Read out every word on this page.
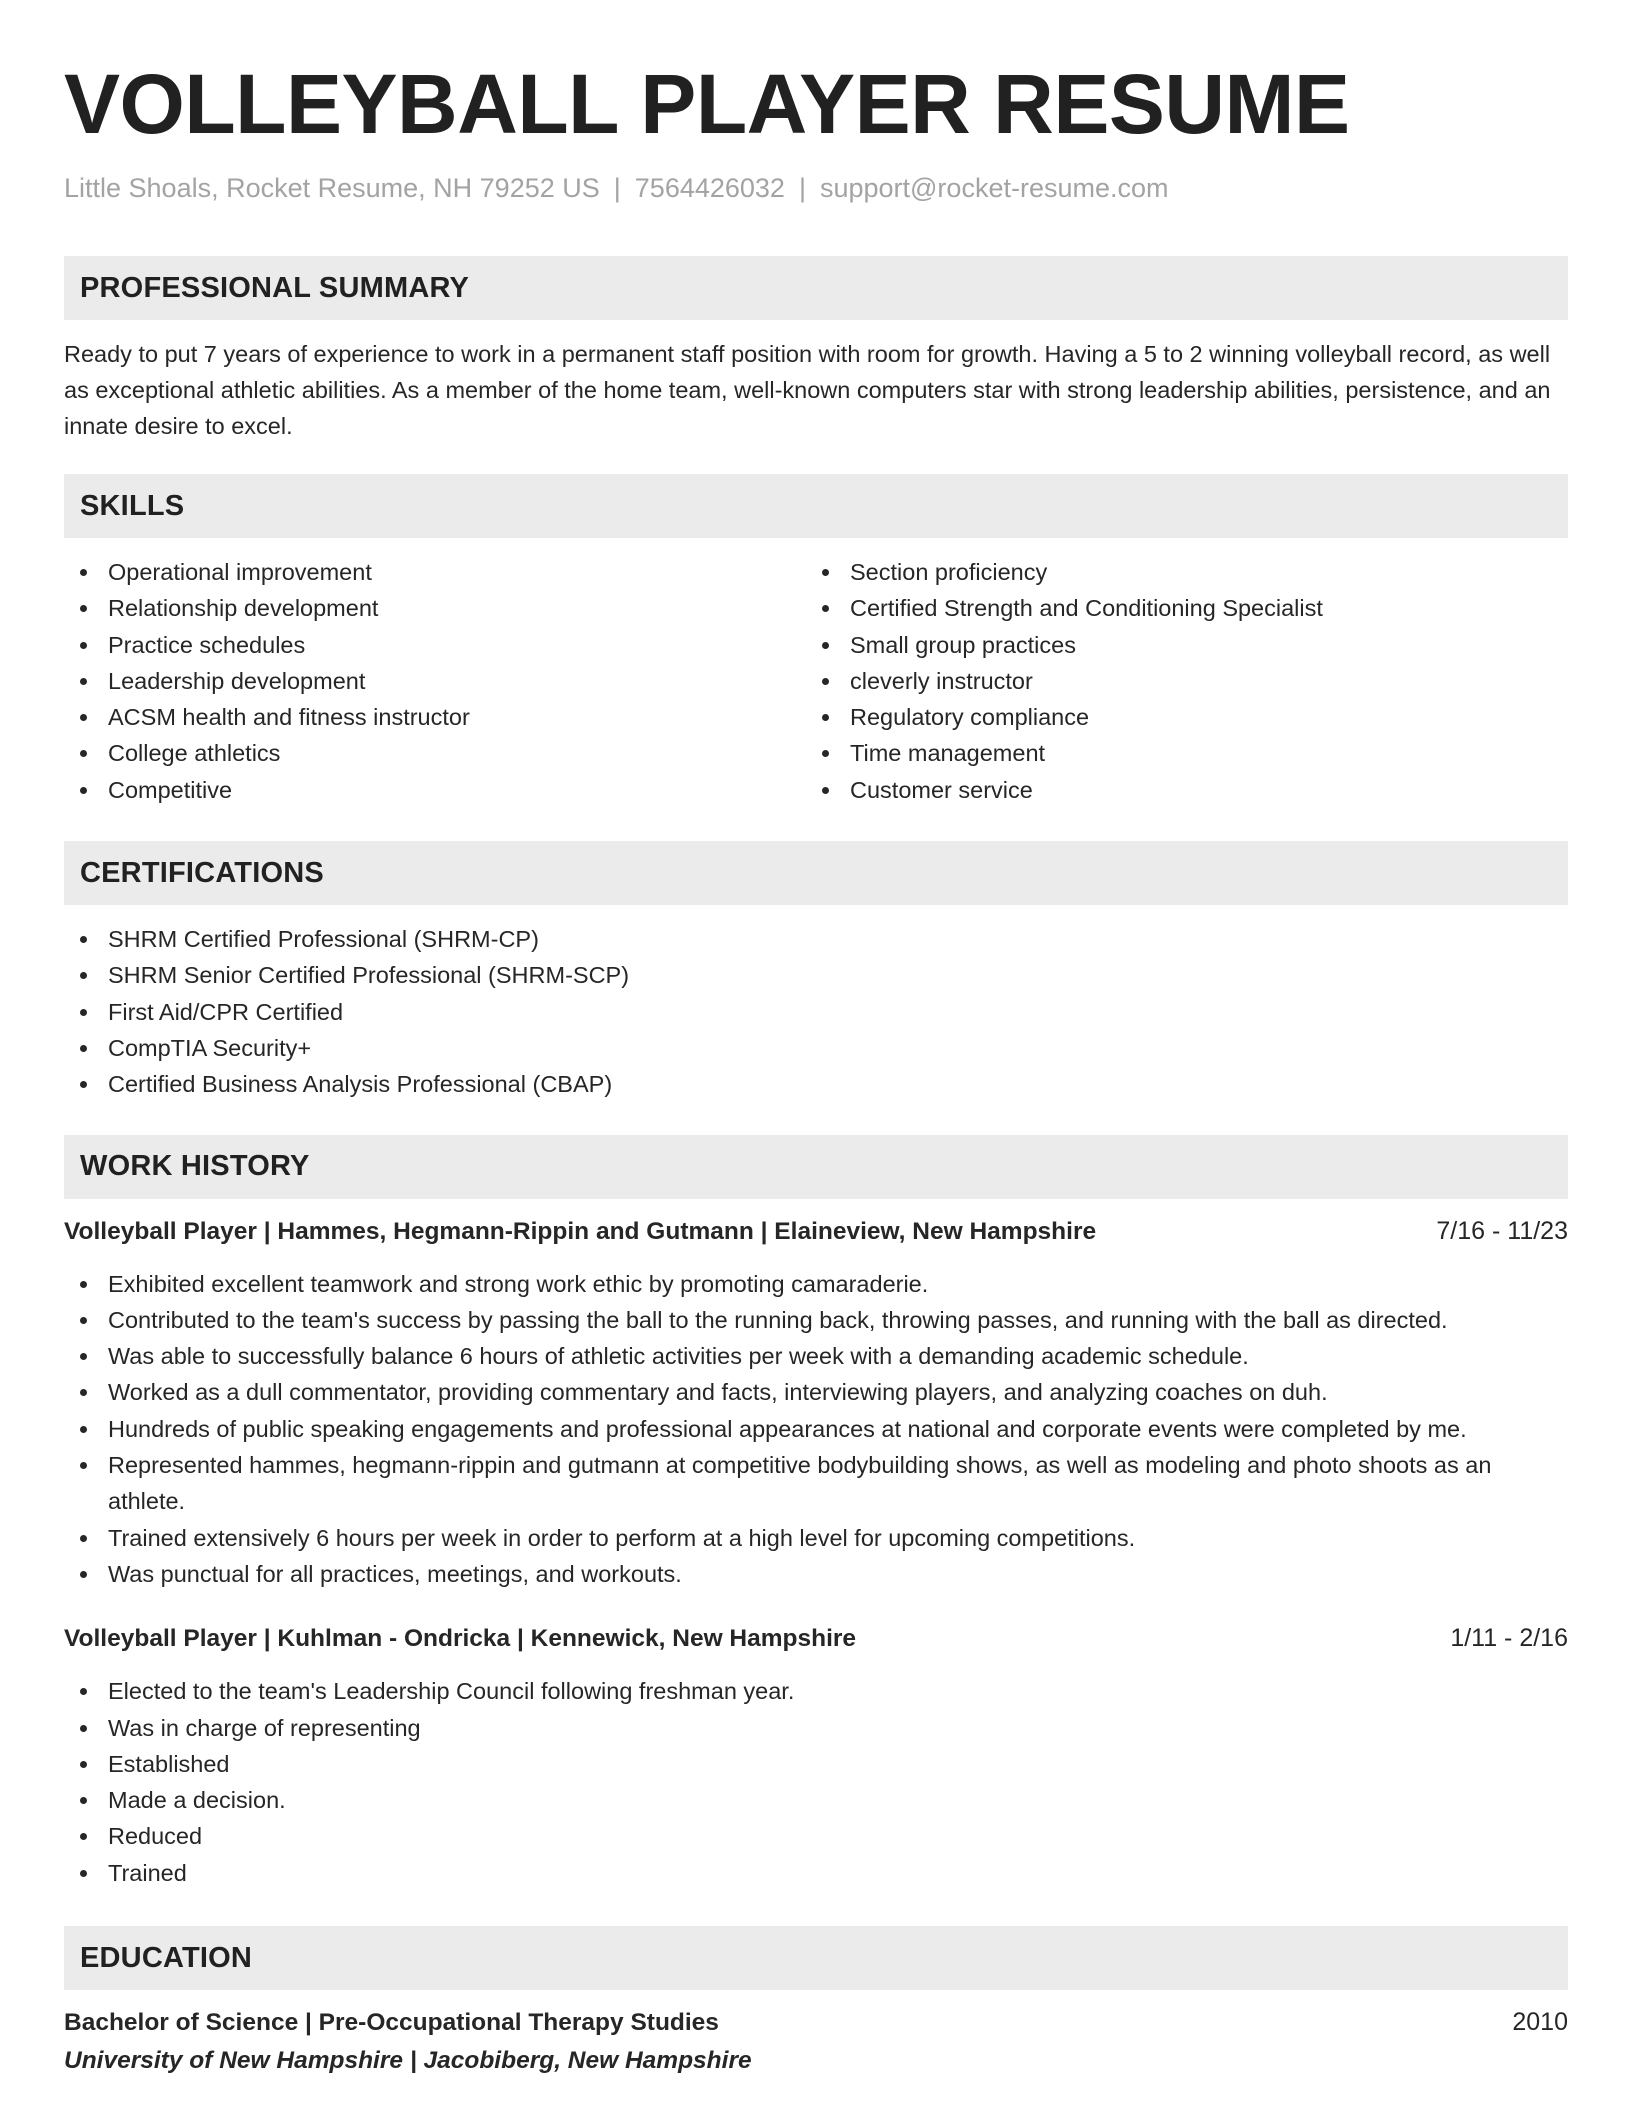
VOLLEYBALL PLAYER RESUME
Little Shoals, Rocket Resume, NH 79252 US | 7564426032 | support@rocket-resume.com
PROFESSIONAL SUMMARY
Ready to put 7 years of experience to work in a permanent staff position with room for growth. Having a 5 to 2 winning volleyball record, as well as exceptional athletic abilities. As a member of the home team, well-known computers star with strong leadership abilities, persistence, and an innate desire to excel.
SKILLS
Operational improvement
Relationship development
Practice schedules
Leadership development
ACSM health and fitness instructor
College athletics
Competitive
Section proficiency
Certified Strength and Conditioning Specialist
Small group practices
cleverly instructor
Regulatory compliance
Time management
Customer service
CERTIFICATIONS
SHRM Certified Professional (SHRM-CP)
SHRM Senior Certified Professional (SHRM-SCP)
First Aid/CPR Certified
CompTIA Security+
Certified Business Analysis Professional (CBAP)
WORK HISTORY
Volleyball Player | Hammes, Hegmann-Rippin and Gutmann | Elaineview, New Hampshire	7/16 - 11/23
Exhibited excellent teamwork and strong work ethic by promoting camaraderie.
Contributed to the team's success by passing the ball to the running back, throwing passes, and running with the ball as directed.
Was able to successfully balance 6 hours of athletic activities per week with a demanding academic schedule.
Worked as a dull commentator, providing commentary and facts, interviewing players, and analyzing coaches on duh.
Hundreds of public speaking engagements and professional appearances at national and corporate events were completed by me.
Represented hammes, hegmann-rippin and gutmann at competitive bodybuilding shows, as well as modeling and photo shoots as an athlete.
Trained extensively 6 hours per week in order to perform at a high level for upcoming competitions.
Was punctual for all practices, meetings, and workouts.
Volleyball Player | Kuhlman - Ondricka | Kennewick, New Hampshire	1/11 - 2/16
Elected to the team's Leadership Council following freshman year.
Was in charge of representing
Established
Made a decision.
Reduced
Trained
EDUCATION
Bachelor of Science | Pre-Occupational Therapy Studies	2010
University of New Hampshire | Jacobiberg, New Hampshire
